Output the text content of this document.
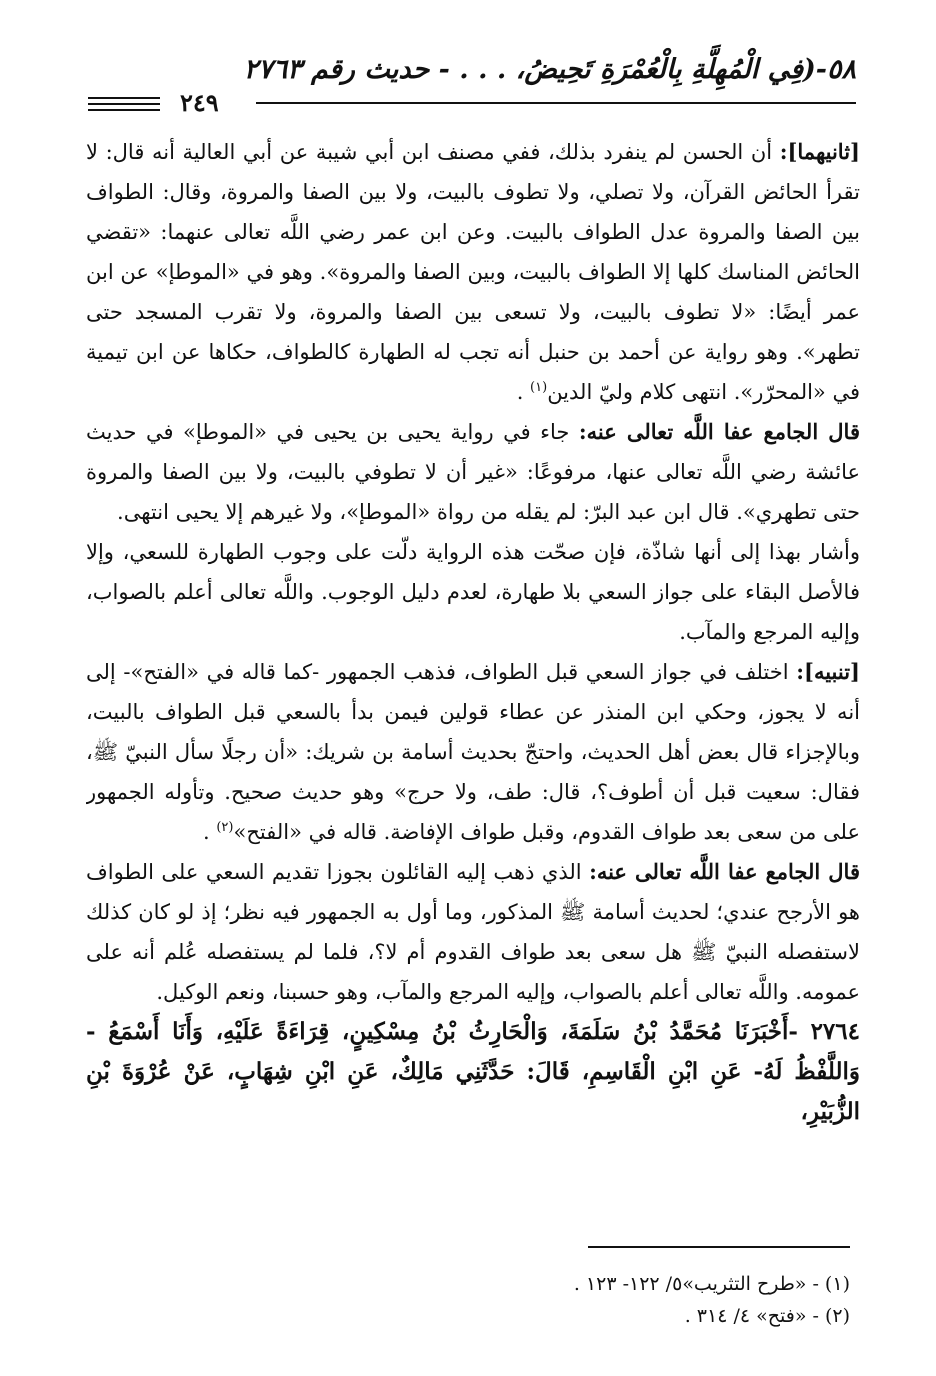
٥٨-(فِي الْمُهِلَّةِ بِالْعُمْرَةِ تَحِيضُ، . . . - حديث رقم ٢٧٦٣
٢٤٩

[ثانيهما]: أن الحسن لم ينفرد بذلك، ففي مصنف ابن أبي شيبة عن أبي العالية أنه قال: لا تقرأ الحائض القرآن، ولا تصلي، ولا تطوف بالبيت، ولا بين الصفا والمروة، وقال: الطواف بين الصفا والمروة عدل الطواف بالبيت. وعن ابن عمر رضي اللَّه تعالى عنهما: «تقضي الحائض المناسك كلها إلا الطواف بالبيت، وبين الصفا والمروة». وهو في «الموطإ» عن ابن عمر أيضًا: «لا تطوف بالبيت، ولا تسعى بين الصفا والمروة، ولا تقرب المسجد حتى تطهر». وهو رواية عن أحمد بن حنبل أنه تجب له الطهارة كالطواف، حكاها عن ابن تيمية في «المحرّر». انتهى كلام وليّ الدين$^{(١)}$ .

قال الجامع عفا اللَّه تعالى عنه: جاء في رواية يحيى بن يحيى في «الموطإ» في حديث عائشة رضي اللَّه تعالى عنها، مرفوعًا: «غير أن لا تطوفي بالبيت، ولا بين الصفا والمروة حتى تطهري». قال ابن عبد البرّ: لم يقله من رواة «الموطإ»، ولا غيرهم إلا يحيى انتهى.

وأشار بهذا إلى أنها شاذّة، فإن صحّت هذه الرواية دلّت على وجوب الطهارة للسعي، وإلا فالأصل البقاء على جواز السعي بلا طهارة، لعدم دليل الوجوب. واللَّه تعالى أعلم بالصواب، وإليه المرجع والمآب.

[تنبيه]: اختلف في جواز السعي قبل الطواف، فذهب الجمهور -كما قاله في «الفتح»- إلى أنه لا يجوز، وحكي ابن المنذر عن عطاء قولين فيمن بدأ بالسعي قبل الطواف بالبيت، وبالإجزاء قال بعض أهل الحديث، واحتجّ بحديث أسامة بن شريك: «أن رجلًا سأل النبيّ ﷺ، فقال: سعيت قبل أن أطوف؟، قال: طف، ولا حرج» وهو حديث صحيح. وتأوله الجمهور على من سعى بعد طواف القدوم، وقبل طواف الإفاضة. قاله في «الفتح»$^{(٢)}$ .

قال الجامع عفا اللَّه تعالى عنه: الذي ذهب إليه القائلون بجوزا تقديم السعي على الطواف هو الأرجح عندي؛ لحديث أسامة ﷺ المذكور، وما أول به الجمهور فيه نظر؛ إذ لو كان كذلك لاستفصله النبيّ ﷺ هل سعى بعد طواف القدوم أم لا؟، فلما لم يستفصله عُلم أنه على عمومه. واللَّه تعالى أعلم بالصواب، وإليه المرجع والمآب، وهو حسبنا، ونعم الوكيل.

٢٧٦٤ -أَخْبَرَنَا مُحَمَّدُ بْنُ سَلَمَةَ، وَالْحَارِثُ بْنُ مِسْكِينٍ، قِرَاءَةً عَلَيْهِ، وَأَنَا أَسْمَعُ - وَاللَّفْظُ لَهُ- عَنِ ابْنِ الْقَاسِمِ، قَالَ: حَدَّثَنِي مَالِكٌ، عَنِ ابْنِ شِهَابٍ، عَنْ عُرْوَةَ بْنِ الزُّبَيْرِ،

(١) - «طرح التثريب»٥/ ١٢٢- ١٢٣ .
(٢) - «فتح» ٤/ ٣١٤ .
